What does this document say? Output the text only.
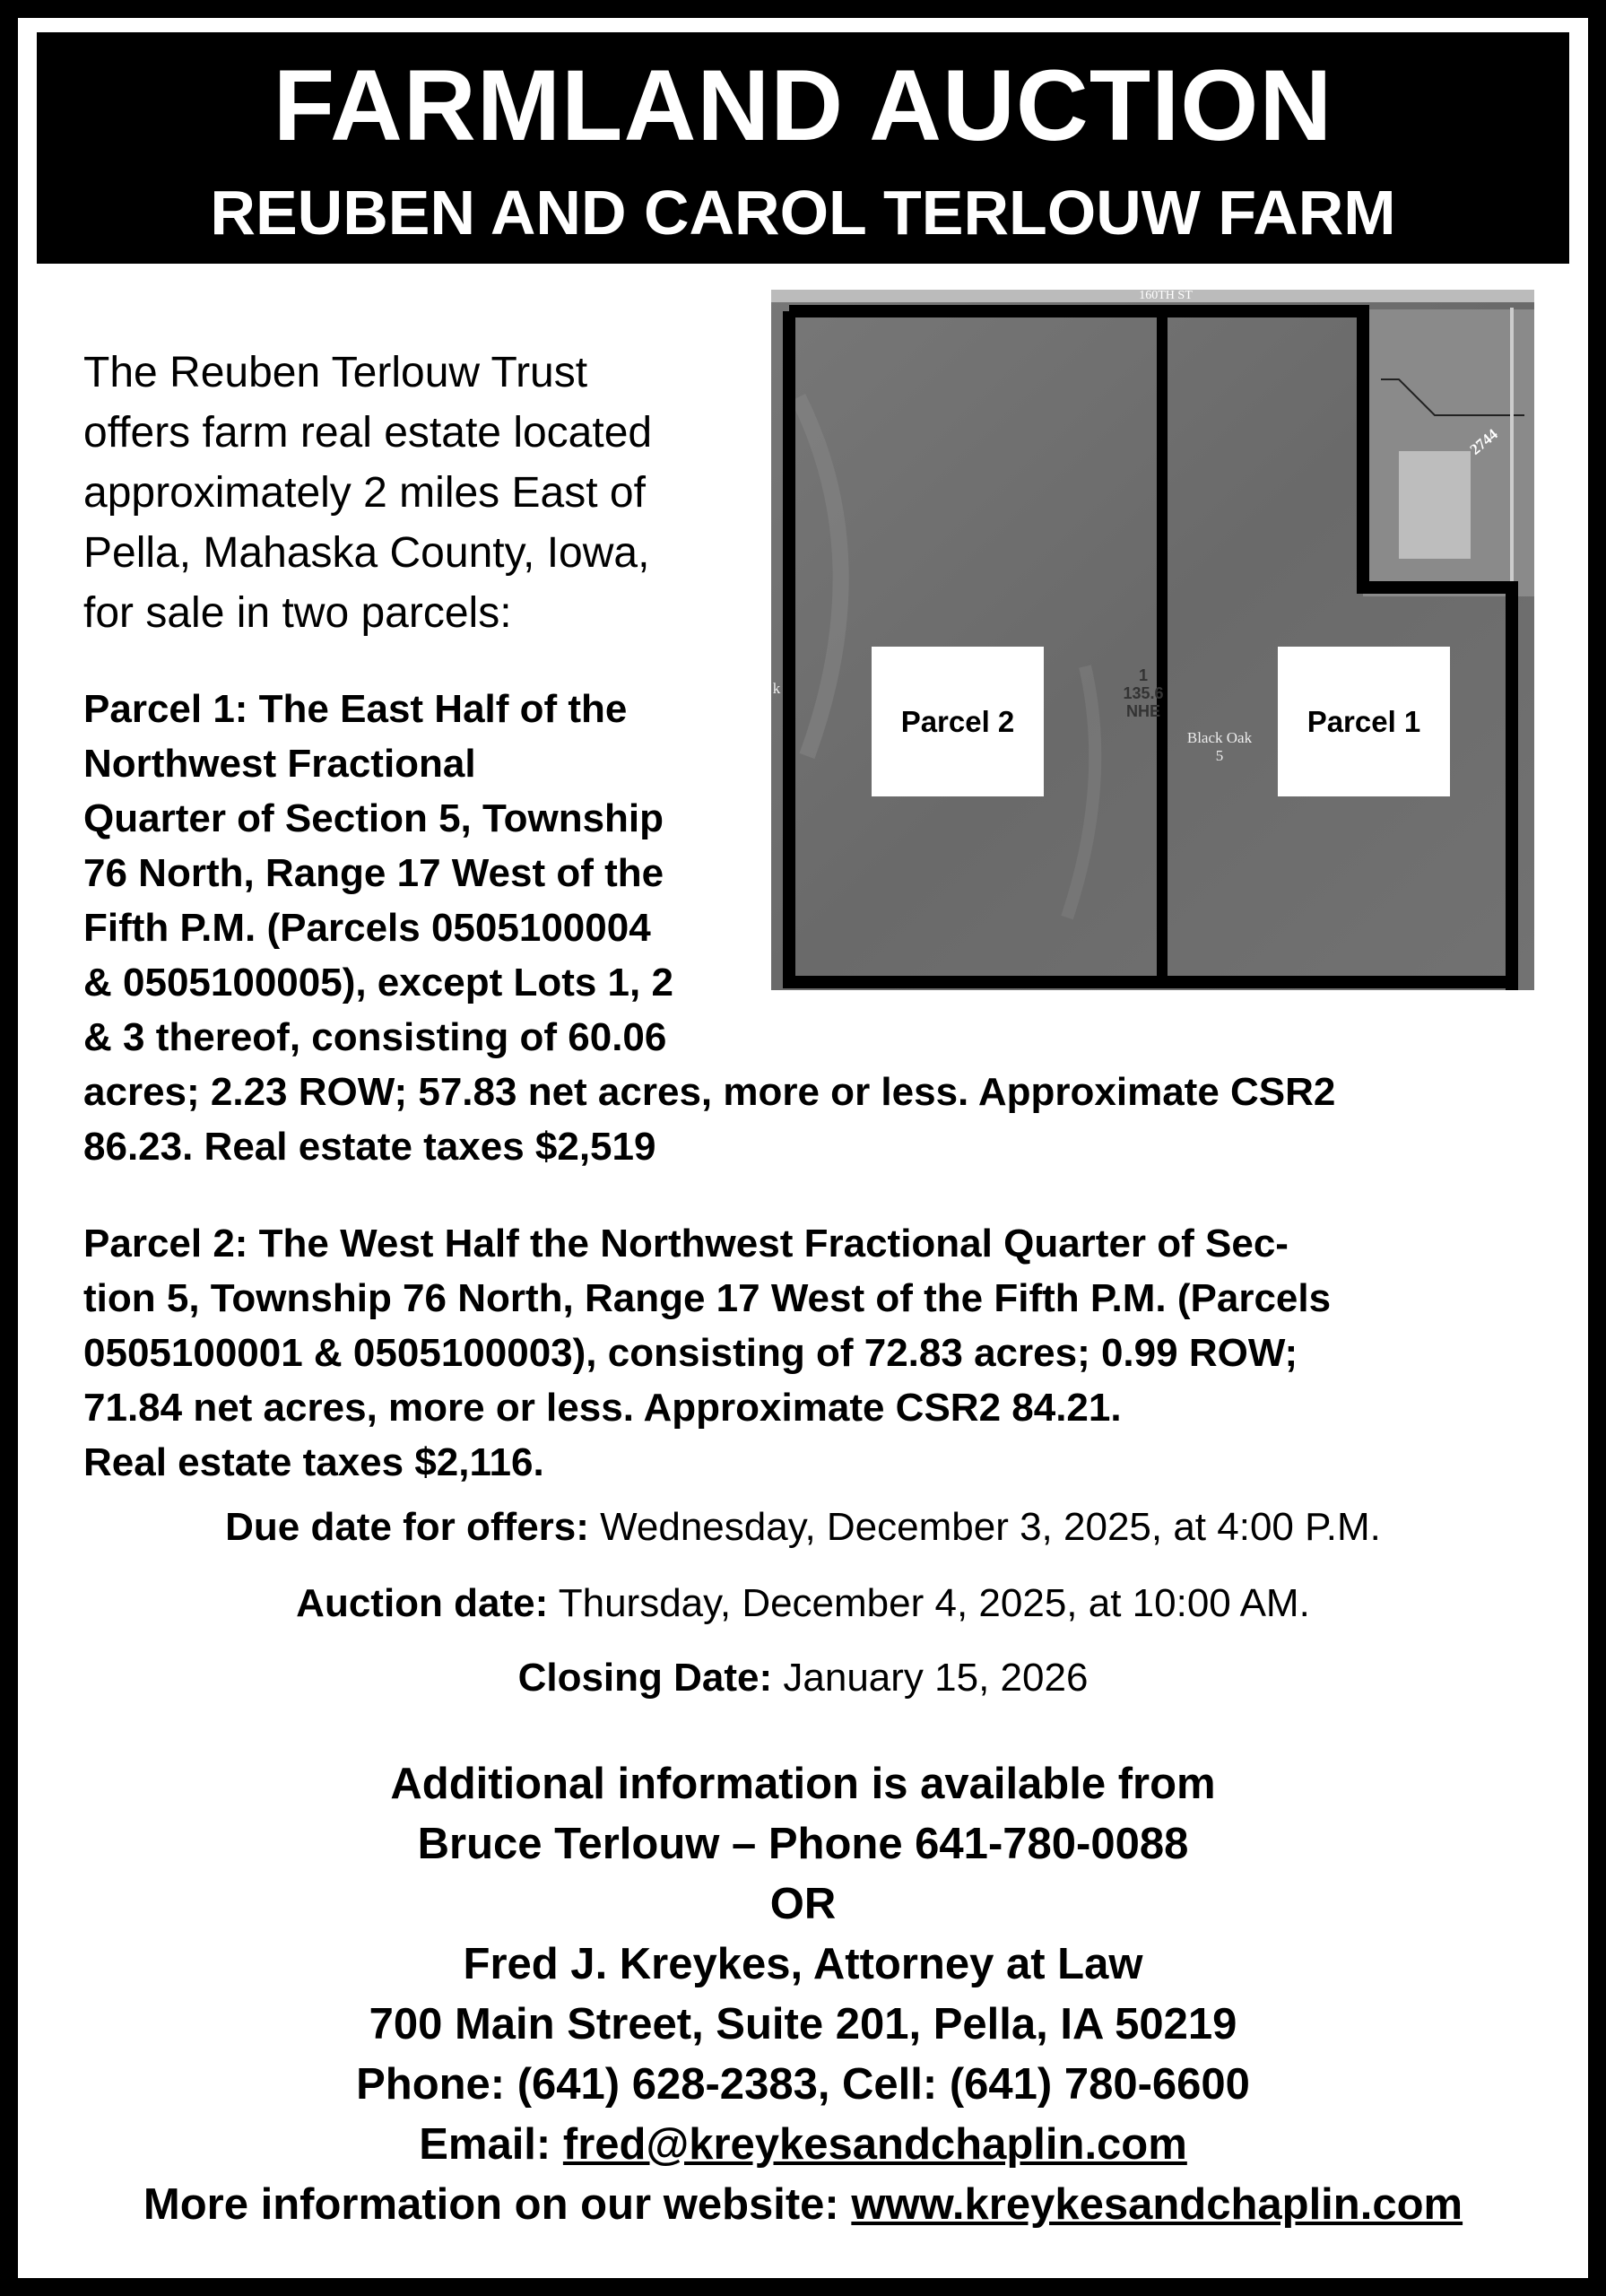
FARMLAND AUCTION
REUBEN AND CAROL TERLOUW FARM
The Reuben Terlouw Trust
offers farm real estate located
approximately 2 miles East of
Pella, Mahaska County, Iowa,
for sale in two parcels:
160TH ST
2744
k
1
135.6
NHE
Black Oak
5
Parcel 2	Parcel 1
Parcel 1: The East Half of the
Northwest Fractional
Quarter of Section 5, Township
76 North, Range 17 West of the
Fifth P.M. (Parcels 0505100004
& 0505100005), except Lots 1, 2
& 3 thereof, consisting of 60.06
acres; 2.23 ROW; 57.83 net acres, more or less. Approximate CSR2
86.23. Real estate taxes $2,519
Parcel 2: The West Half the Northwest Fractional Quarter of Sec-
tion 5, Township 76 North, Range 17 West of the Fifth P.M. (Parcels
0505100001 & 0505100003), consisting of 72.83 acres; 0.99 ROW;
71.84 net acres, more or less. Approximate CSR2 84.21.
Real estate taxes $2,116.
Due date for offers: Wednesday, December 3, 2025, at 4:00 P.M.
Auction date: Thursday, December 4, 2025, at 10:00 AM.
Closing Date: January 15, 2026
Additional information is available from
Bruce Terlouw – Phone 641-780-0088
OR
Fred J. Kreykes, Attorney at Law
700 Main Street, Suite 201, Pella, IA 50219
Phone: (641) 628-2383, Cell: (641) 780-6600
Email: fred@kreykesandchaplin.com
More information on our website: www.kreykesandchaplin.com
